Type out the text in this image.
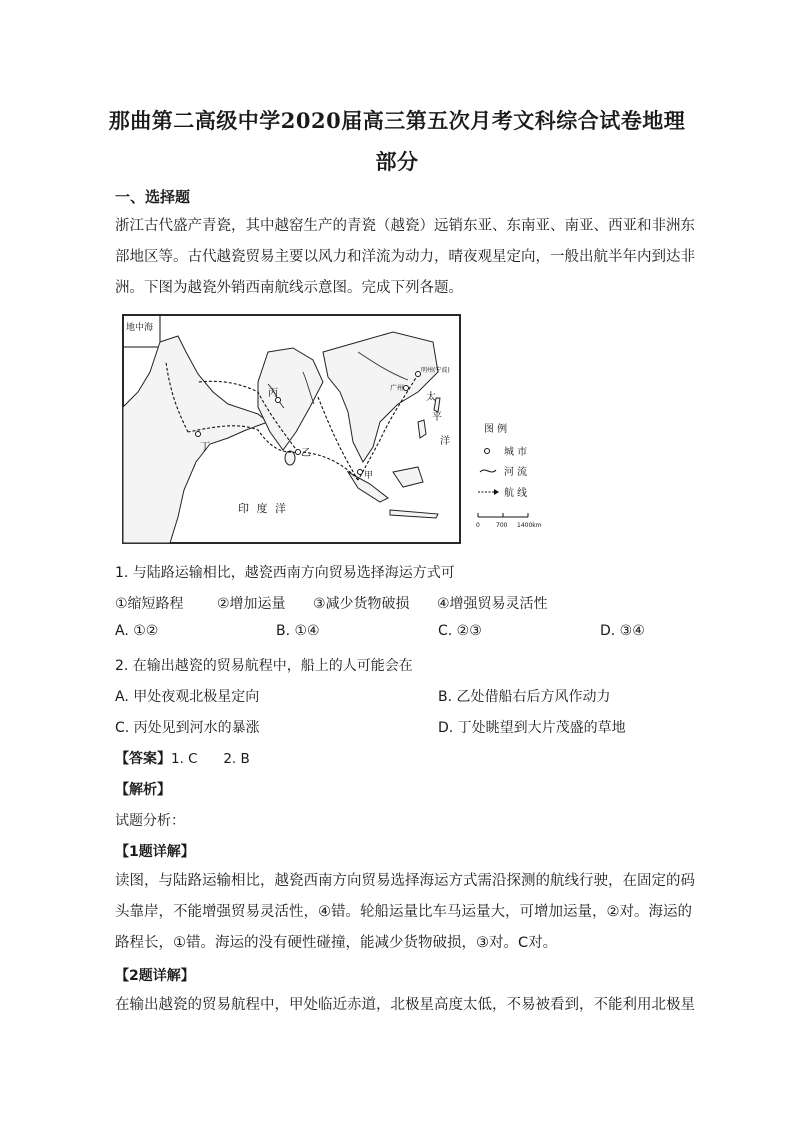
那曲第二高级中学2020届高三第五次月考文科综合试卷地理
部分
一、选择题
浙江古代盛产青瓷，其中越窑生产的青瓷（越瓷）远销东亚、东南亚、南亚、西亚和非洲东
部地区等。古代越瓷贸易主要以风力和洋流为动力，晴夜观星定向，一般出航半年内到达非
洲。下图为越瓷外销西南航线示意图。完成下列各题。
地中海
印 度 洋
太
平
洋
丙
丁
乙
甲
广州
明州(宁波)
图 例
城 市
河 流
航 线
0	700 1400km
1. 与陆路运输相比，越瓷西南方向贸易选择海运方式可
①缩短路程 ②增加运量 ③减少货物破损 ④增强贸易灵活性
A. ①②	B. ①④	C. ②③	D. ③④
2. 在输出越瓷的贸易航程中，船上的人可能会在
A. 甲处夜观北极星定向	B. 乙处借船右后方风作动力
C. 丙处见到河水的暴涨	D. 丁处眺望到大片茂盛的草地
【答案】1. C      2. B
【解析】
试题分析：
【1题详解】
读图，与陆路运输相比，越瓷西南方向贸易选择海运方式需沿探测的航线行驶，在固定的码
头靠岸，不能增强贸易灵活性，④错。轮船运量比车马运量大，可增加运量，②对。海运的
路程长，①错。海运的没有硬性碰撞，能减少货物破损，③对。C对。
【2题详解】
在输出越瓷的贸易航程中，甲处临近赤道，北极星高度太低，不易被看到，不能利用北极星
